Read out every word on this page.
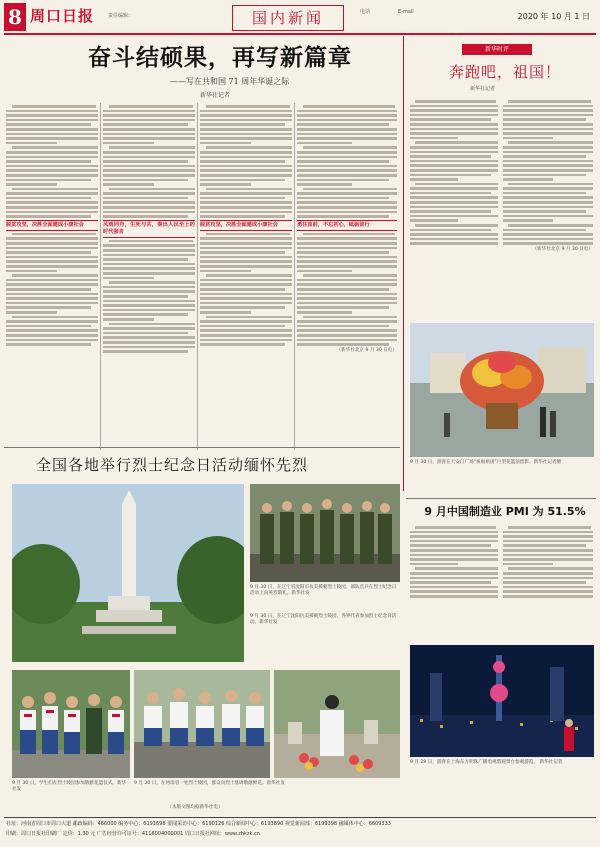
8 周口日报	责任编辑：	国内新闻	电话	E-mail	2020 年 10 月 1 日
奋斗结硕果，再写新篇章
——写在共和国 71 周年华诞之际
新华社记者
脱贫攻坚，决胜全面建成小康社会	风雨同舟，生死与共，奏出人民至上的时代强音
脱贫攻坚，决胜全面建成小康社会	勇往直前，不忘初心，砥砺前行
（新华社北京 9 月 30 日电）
新华时评
奔跑吧，祖国！
新华社记者
（新华社北京 9 月 30 日电）
9 月 30 日，游客在天安门广场“祝福祖国”巨型花篮前留影。新华社记者摄
全国各地举行烈士纪念日活动缅怀先烈
9 月 30 日，在辽宁省沈阳市抗美援朝烈士陵园，部队官兵在烈士纪念日活动上向英烈敬礼。新华社发
9 月 30 日，在辽宁沈阳抗美援朝烈士陵园，各界代表参加烈士纪念日活动。新华社发
9 月 30 日，学生们在烈士陵园参加敬献花篮仪式。新华社发
9 月 30 日，在河南省一处烈士陵园，群众向烈士墓碑敬献鲜花。新华社发
（本版文图均据新华社电）
9 月中国制造业 PMI 为 51.5%
9 月 29 日，游客在上海东方明珠广播电视塔观景台参观游览。 新华社记者
社址：河南省周口市周口大道 邮政编码：466000 编务中心：6191698 要闻采访中心：6190126 综合新闻中心：6193890 视觉新闻部：6199398 融媒体中心：6609333
印刷：周口日报社印刷厂 定价：1.30 元 广告经营许可证号：4116004000001 周口日报社网址：www.zhkzk.cn
